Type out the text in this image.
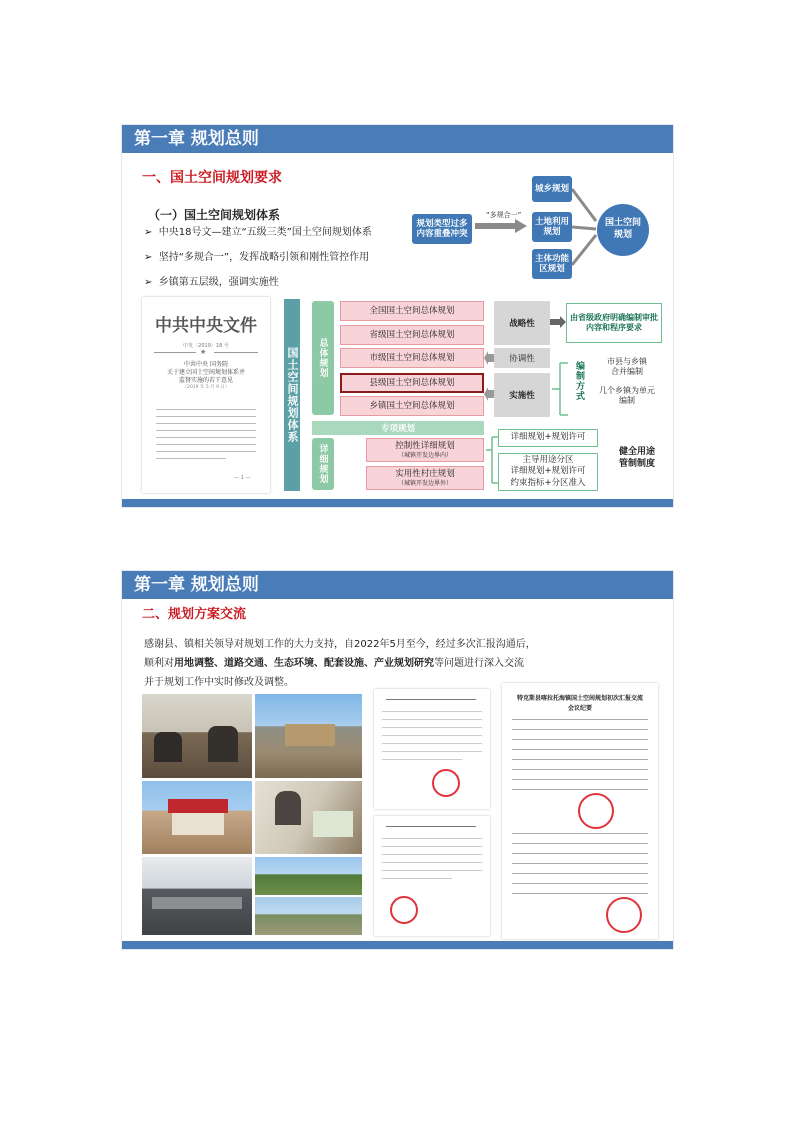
第一章 规划总则
一、国土空间规划要求
（一）国土空间规划体系
➢ 中央18号文—建立“五级三类”国土空间规划体系
➢ 坚持“多规合一”，发挥战略引领和刚性管控作用
➢ 乡镇第五层级，强调实施性
规划类型过多
内容重叠冲突
“多规合一”
城乡规划
土地利用
规划
主体功能
区规划
国土空间
规划
中共中央文件
中发〔2019〕18 号
★
中共中央 国务院
关于建立国土空间规划体系并
监督实施的若干意见
（2019 年 5 月 9 日）
— 1 —
国土空间规划体系	总体规划
全国国土空间总体规划
省级国土空间总体规划
市级国土空间总体规划
县级国土空间总体规划
乡镇国土空间总体规划
战略性
协调性
实施性
由省级政府明确编制审批
内容和程序要求
编制方式	市县与乡镇
合并编制
几个乡镇为单元
编制
专项规划
详细规划	控制性详细规划
（城镇开发边界内）
实用性村庄规划
（城镇开发边界外）
详细规划+规划许可
主导用途分区
详细规划+规划许可
约束指标+分区准入
健全用途
管制制度
第一章 规划总则
二、规划方案交流
感谢县、镇相关领导对规划工作的大力支持，自2022年5月至今，经过多次汇报沟通后，
顺利对用地调整、道路交通、生态环境、配套设施、产业规划研究等问题进行深入交流
并于规划工作中实时修改及调整。
特克斯县喀拉托海镇国土空间规划初次汇报交流
会议纪要
